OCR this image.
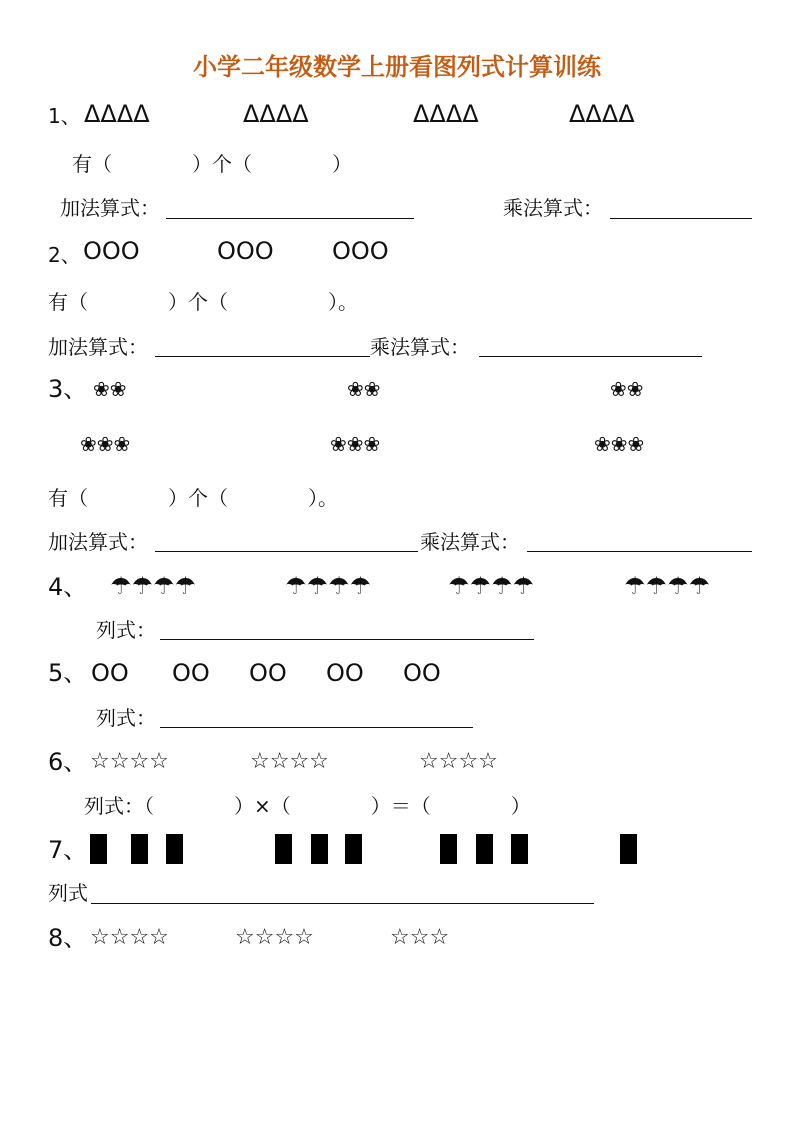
小学二年级数学上册看图列式计算训练
1、 ΔΔΔΔ	ΔΔΔΔ	ΔΔΔΔ	ΔΔΔΔ
有（　　　　）个（　　　　）
加法算式：	乘法算式：
2、 OOO	OOO OOO
有（　　　　）个（　　　　　）。
加法算式：	乘法算式：
3、 ❀❀	❀❀	❀❀
❀❀❀	❀❀❀	❀❀❀
有（　　　　）个（　　　　）。
加法算式：	乘法算式：
4、 ☂☂☂☂	☂☂☂☂	☂☂☂☂	☂☂☂☂
列式：
5、 OO OO OO OO OO
列式：
6、 ☆☆☆☆	☆☆☆☆	☆☆☆☆
列式：（　　　　）×（　　　　）＝（　　　　）
7、
列式
8、 ☆☆☆☆	☆☆☆☆	☆☆☆
